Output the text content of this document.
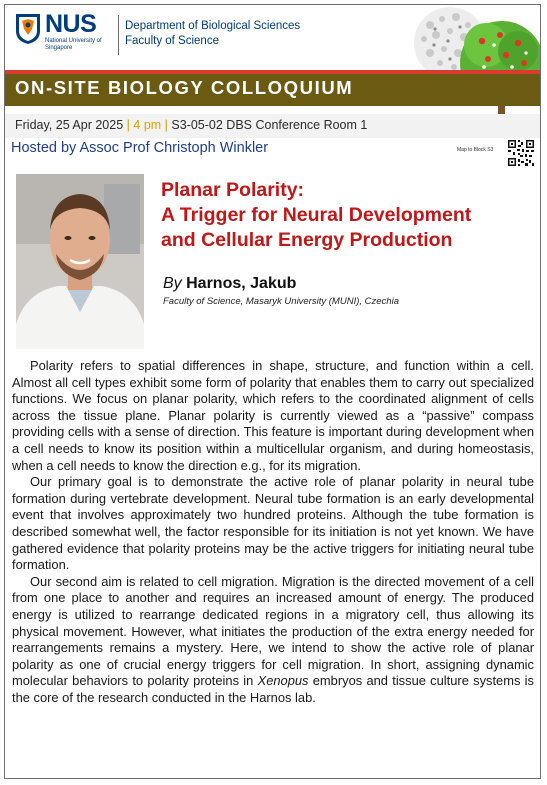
NUS
National University of Singapore
Department of Biological Sciences
Faculty of Science
ON-SITE BIOLOGY COLLOQUIUM
Friday, 25 Apr 2025 | 4 pm | S3-05-02 DBS Conference Room 1
Hosted by Assoc Prof Christoph Winkler	Map to Block S3
Planar Polarity:
A Trigger for Neural Development
and Cellular Energy Production
By Harnos, Jakub
Faculty of Science, Masaryk University (MUNI), Czechia

Polarity refers to spatial differences in shape, structure, and function within a cell. Almost all cell types exhibit some form of polarity that enables them to carry out specialized functions. We focus on planar polarity, which refers to the coordinated alignment of cells across the tissue plane. Planar polarity is currently viewed as a “passive” compass providing cells with a sense of direction. This feature is important during development when a cell needs to know its position within a multicellular organism, and during homeostasis, when a cell needs to know the direction e.g., for its migration.

Our primary goal is to demonstrate the active role of planar polarity in neural tube formation during vertebrate development. Neural tube formation is an early developmental event that involves approximately two hundred proteins. Although the tube formation is described somewhat well, the factor responsible for its initiation is not yet known. We have gathered evidence that polarity proteins may be the active triggers for initiating neural tube formation.

Our second aim is related to cell migration. Migration is the directed movement of a cell from one place to another and requires an increased amount of energy. The produced energy is utilized to rearrange dedicated regions in a migratory cell, thus allowing its physical movement. However, what initiates the production of the extra energy needed for rearrangements remains a mystery. Here, we intend to show the active role of planar polarity as one of crucial energy triggers for cell migration. In short, assigning dynamic molecular behaviors to polarity proteins in Xenopus embryos and tissue culture systems is the core of the research conducted in the Harnos lab.
